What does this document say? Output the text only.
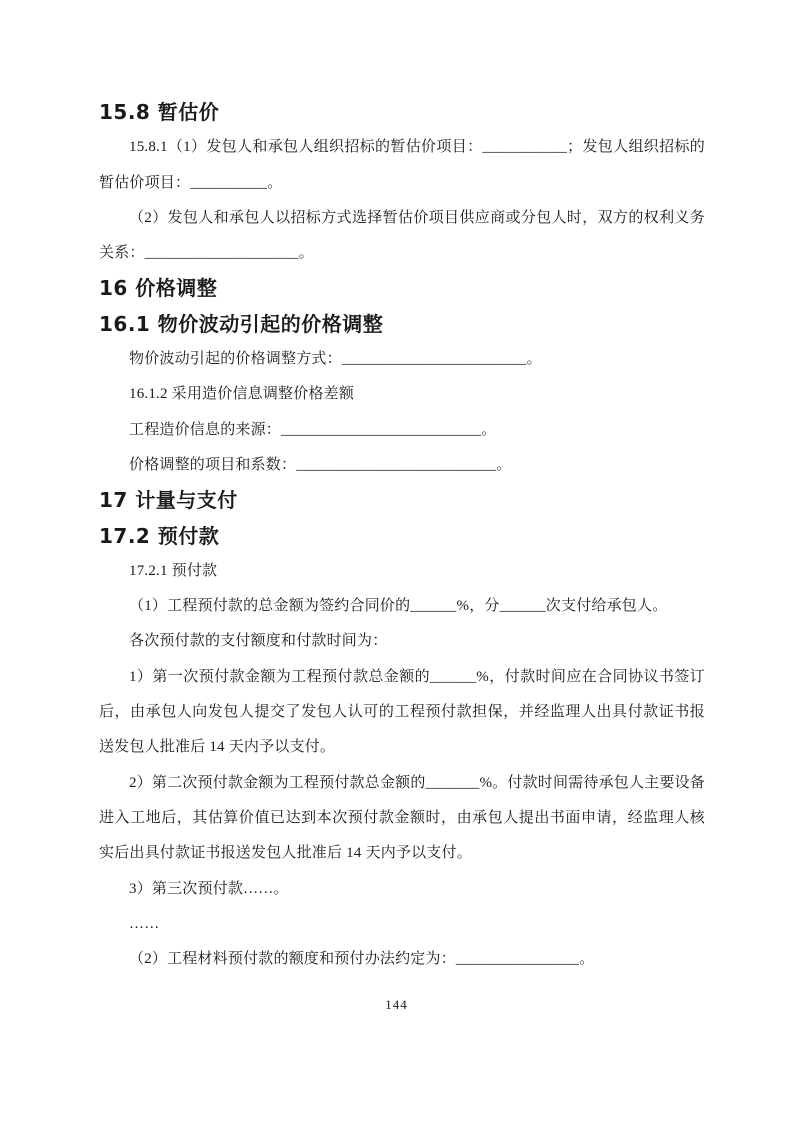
15.8 暂估价

15.8.1（1）发包人和承包人组织招标的暂估价项目：___________；发包人组织招标的暂估价项目：__________。

（2）发包人和承包人以招标方式选择暂估价项目供应商或分包人时，双方的权利义务关系：____________________。

16 价格调整
16.1 物价波动引起的价格调整

物价波动引起的价格调整方式：________________________。

16.1.2 采用造价信息调整价格差额

工程造价信息的来源：__________________________。

价格调整的项目和系数：__________________________。

17 计量与支付
17.2 预付款

17.2.1 预付款

（1）工程预付款的总金额为签约合同价的______%，分______次支付给承包人。

各次预付款的支付额度和付款时间为：

1）第一次预付款金额为工程预付款总金额的______%，付款时间应在合同协议书签订后，由承包人向发包人提交了发包人认可的工程预付款担保，并经监理人出具付款证书报送发包人批准后 14 天内予以支付。

2）第二次预付款金额为工程预付款总金额的_______%。付款时间需待承包人主要设备进入工地后，其估算价值已达到本次预付款金额时，由承包人提出书面申请，经监理人核实后出具付款证书报送发包人批准后 14 天内予以支付。

3）第三次预付款……。

……

（2）工程材料预付款的额度和预付办法约定为：________________。

144
